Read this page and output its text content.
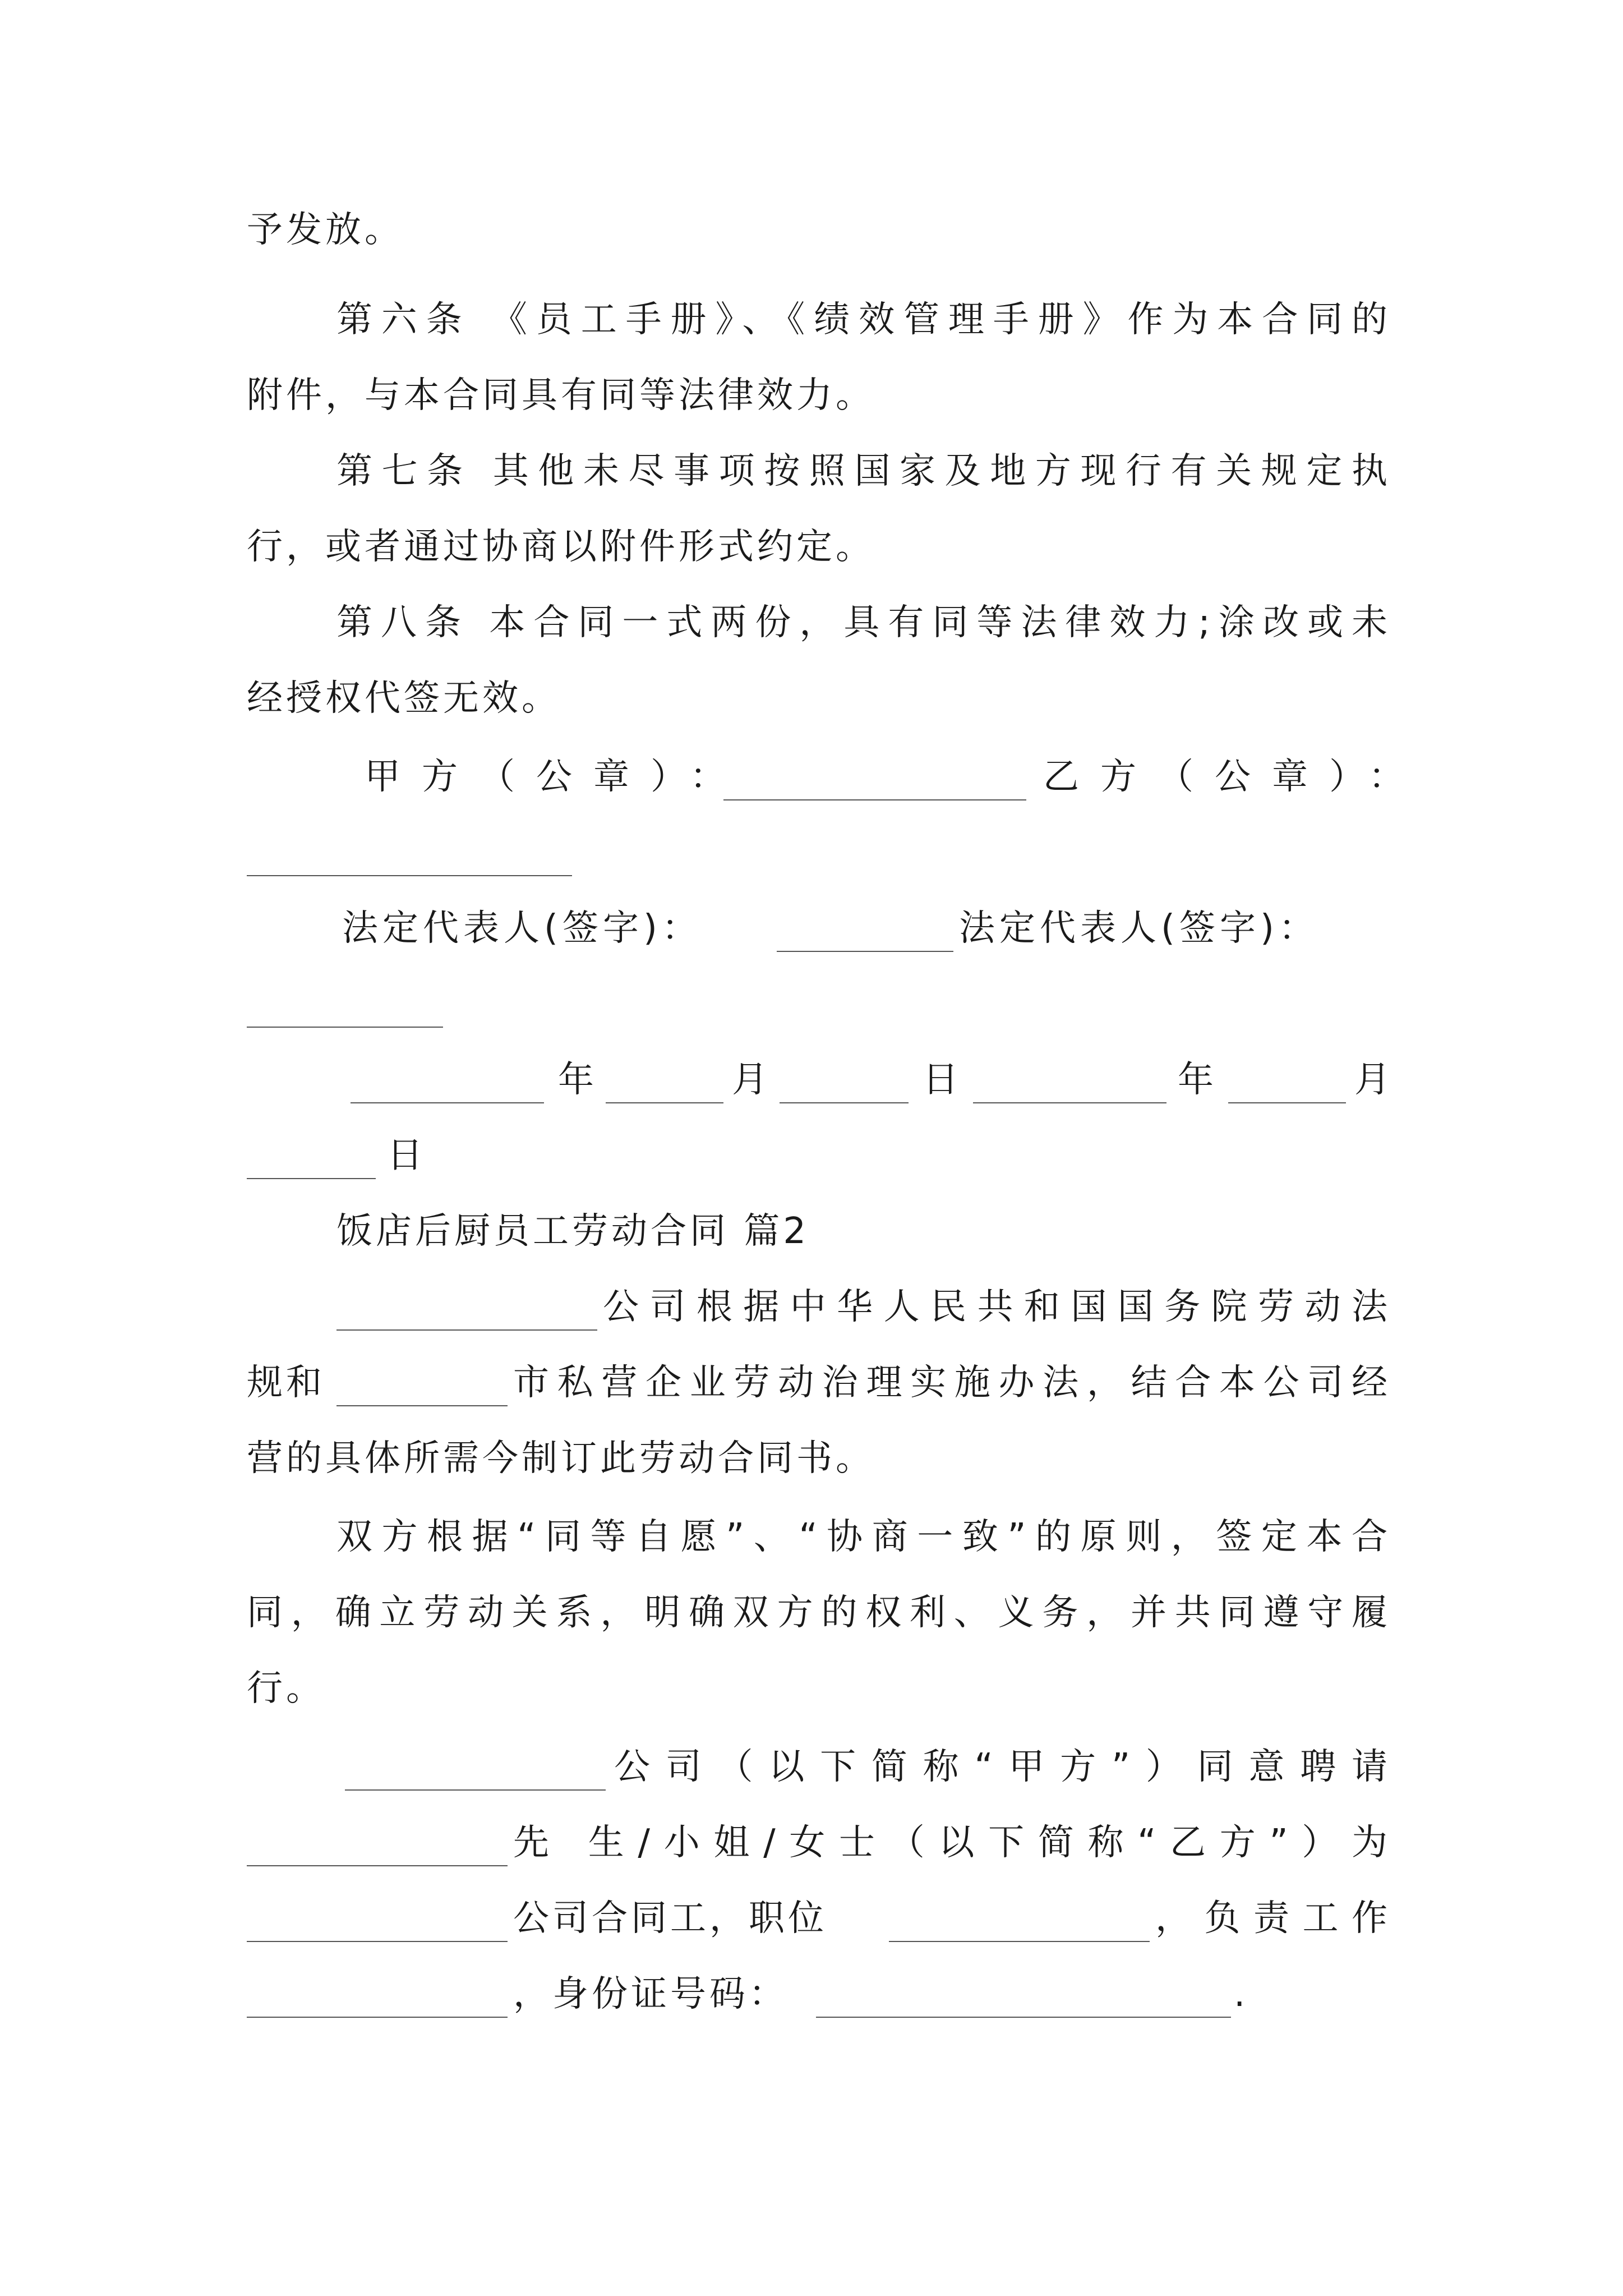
予发放。
第六条 《员工手册》、《绩效管理手册》作为本合同的
附件，与本合同具有同等法律效力。
第七条 其他未尽事项按照国家及地方现行有关规定执
行，或者通过协商以附件形式约定。
第八条 本合同一式两份，具有同等法律效力;涂改或未
经授权代签无效。
甲方（公章）：	乙方（公章）：
法定代表人(签字)：	法定代表人(签字)：
年	月	日	年	月
日
饭店后厨员工劳动合同 篇2
公司根据中华人民共和国国务院劳动法
规和	市私营企业劳动治理实施办法，结合本公司经
营的具体所需今制订此劳动合同书。
双方根据“同等自愿”、“协商一致”的原则，签定本合
同，确立劳动关系，明确双方的权利、义务，并共同遵守履
行。
公司（以下简称“甲方”）同意聘请
先 生/小姐/女士（以下简称“乙方”）为
公司合同工，职位	，负责工作
，身份证号码：	.
